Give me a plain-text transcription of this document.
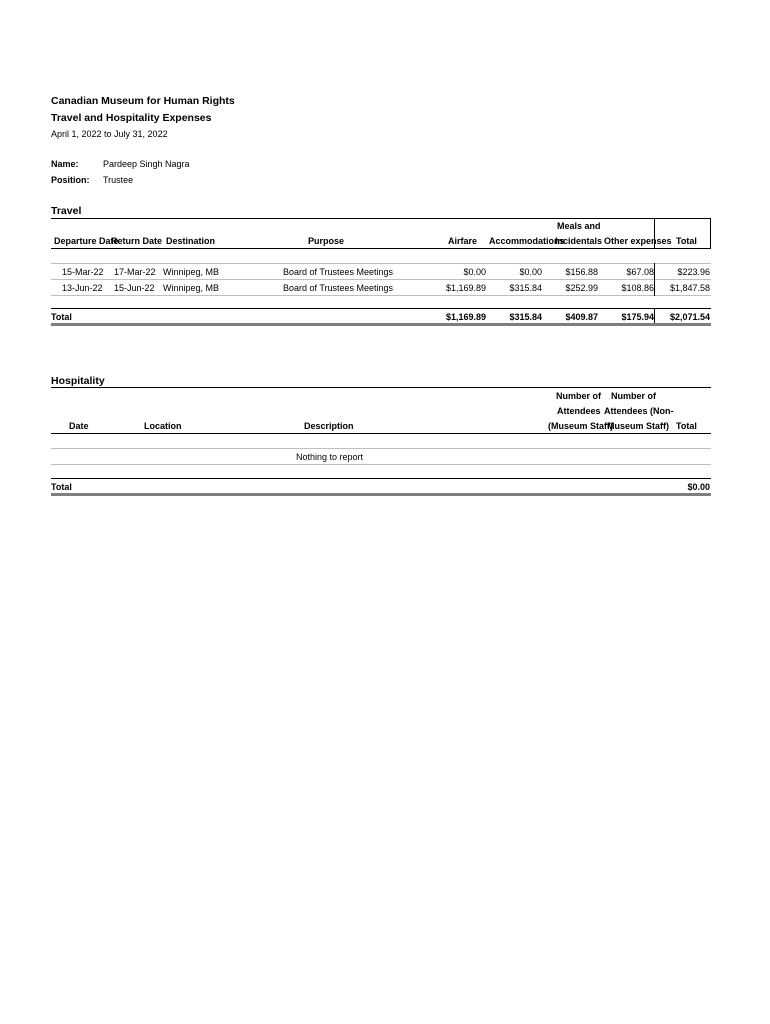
Canadian Museum for Human Rights
Travel and Hospitality Expenses
April 1, 2022 to July 31, 2022
Name:	Pardeep Singh Nagra
Position: Trustee
Travel
Departure Date
Return Date Destination	Purpose	Airfare Accommodations
Meals and
Incidentals Other expenses Total
15-Mar-22 17-Mar-22 Winnipeg, MB	Board of Trustees Meetings	$0.00	$0.00	$156.88	$67.08	$223.96
13-Jun-22 15-Jun-22 Winnipeg, MB	Board of Trustees Meetings	$1,169.89	$315.84	$252.99	$108.86 $1,847.58
Total	$1,169.89	$315.84	$409.87	$175.94 $2,071.54
Hospitality
Number of
Attendees
(Museum Staff)
Number of
Attendees (Non-
Museum Staff)
Date	Location	Description	Total
Nothing to report
Total	$0.00
